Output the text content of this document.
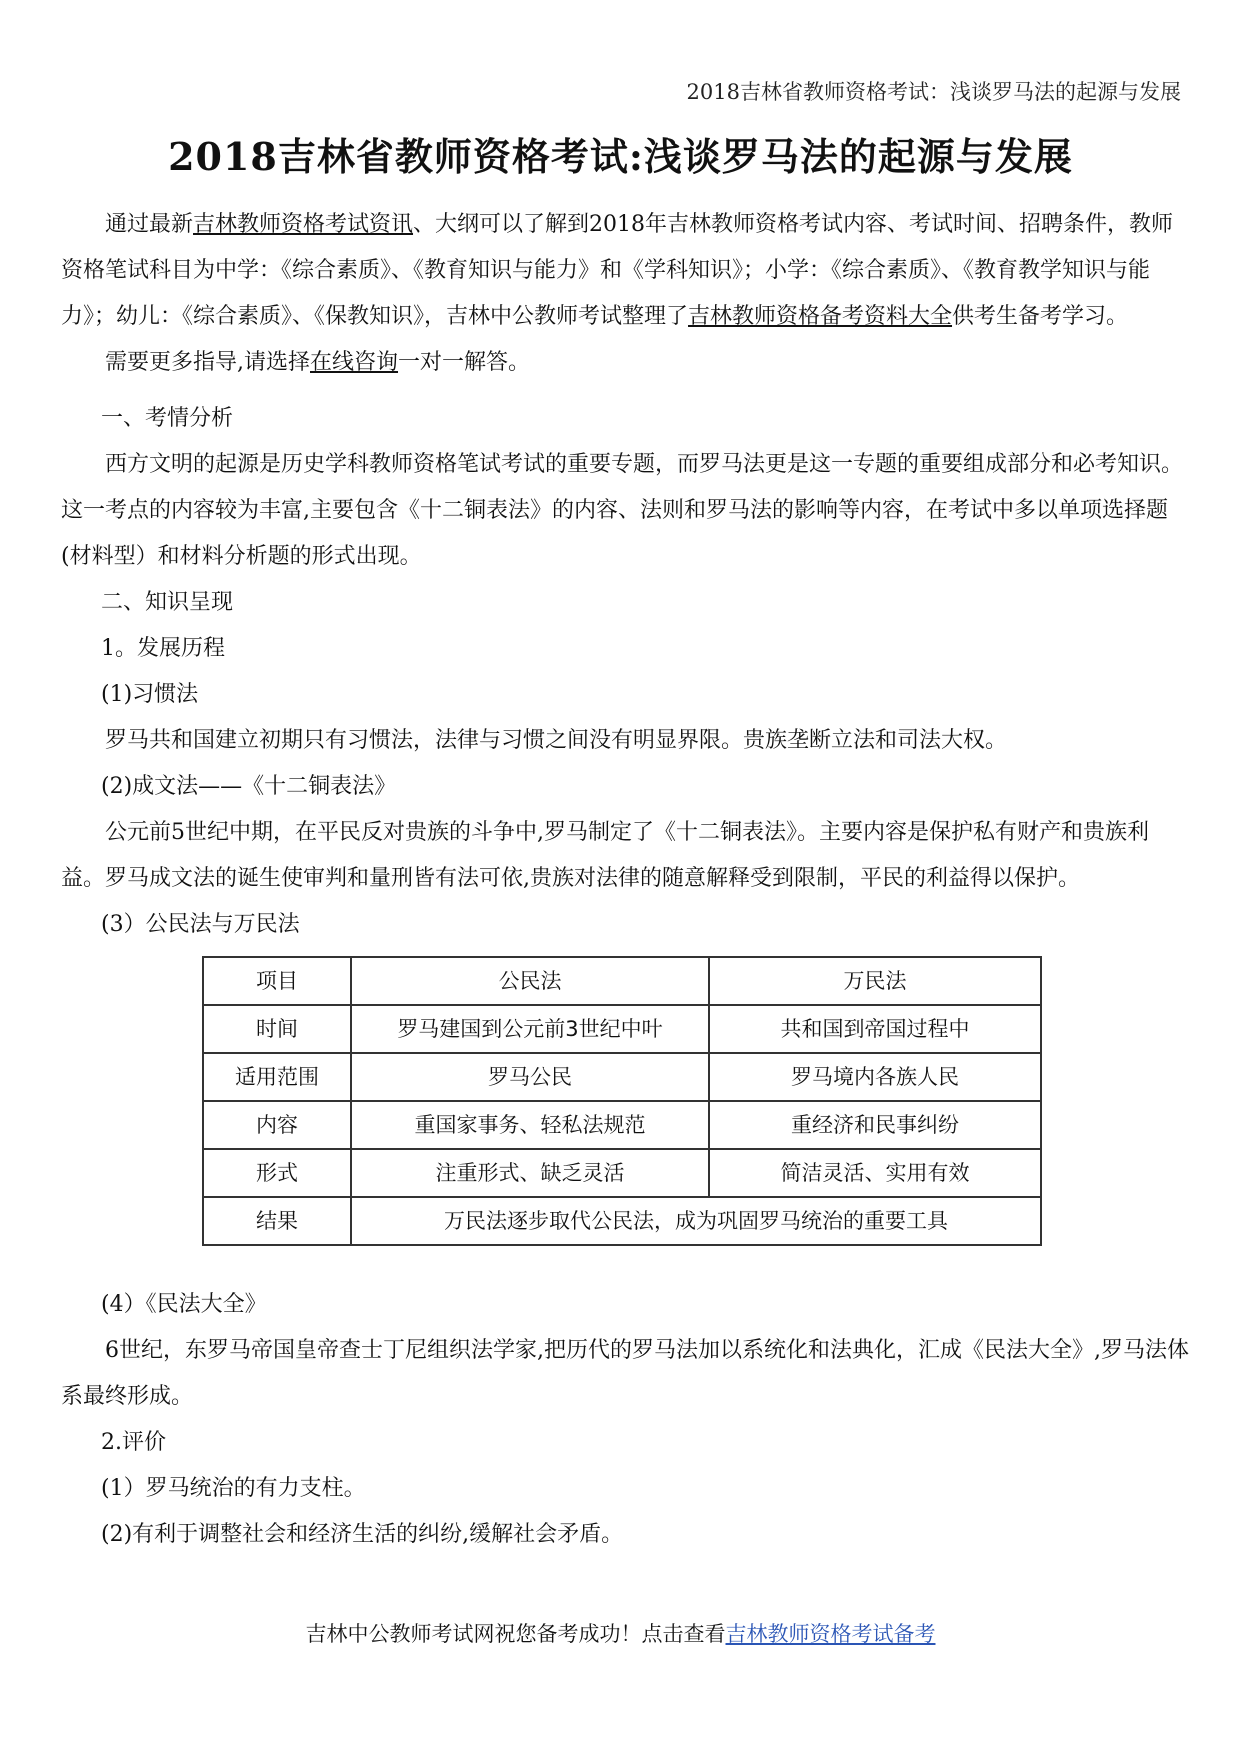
2018吉林省教师资格考试：浅谈罗马法的起源与发展
2018吉林省教师资格考试:浅谈罗马法的起源与发展

通过最新吉林教师资格考试资讯、大纲可以了解到2018年吉林教师资格考试内容、考试时间、招聘条件，教师资格笔试科目为中学：《综合素质》、《教育知识与能力》和《学科知识》；小学：《综合素质》、《教育教学知识与能力》；幼儿：《综合素质》、《保教知识》，吉林中公教师考试整理了吉林教师资格备考资料大全供考生备考学习。

需要更多指导,请选择在线咨询一对一解答。

一、考情分析

西方文明的起源是历史学科教师资格笔试考试的重要专题，而罗马法更是这一专题的重要组成部分和必考知识。这一考点的内容较为丰富,主要包含《十二铜表法》的内容、法则和罗马法的影响等内容，在考试中多以单项选择题(材料型）和材料分析题的形式出现。

二、知识呈现

1。发展历程

(1)习惯法

罗马共和国建立初期只有习惯法，法律与习惯之间没有明显界限。贵族垄断立法和司法大权。

(2)成文法——《十二铜表法》

公元前5世纪中期，在平民反对贵族的斗争中,罗马制定了《十二铜表法》。主要内容是保护私有财产和贵族利益。罗马成文法的诞生使审判和量刑皆有法可依,贵族对法律的随意解释受到限制，平民的利益得以保护。

(3）公民法与万民法

项目	公民法	万民法
时间	罗马建国到公元前3世纪中叶	共和国到帝国过程中
适用范围	罗马公民	罗马境内各族人民
内容	重国家事务、轻私法规范	重经济和民事纠纷
形式	注重形式、缺乏灵活	简洁灵活、实用有效
结果	万民法逐步取代公民法，成为巩固罗马统治的重要工具	

(4）《民法大全》

6世纪，东罗马帝国皇帝查士丁尼组织法学家,把历代的罗马法加以系统化和法典化，汇成《民法大全》,罗马法体系最终形成。

2.评价

(1）罗马统治的有力支柱。

(2)有利于调整社会和经济生活的纠纷,缓解社会矛盾。

吉林中公教师考试网祝您备考成功！点击查看吉林教师资格考试备考
